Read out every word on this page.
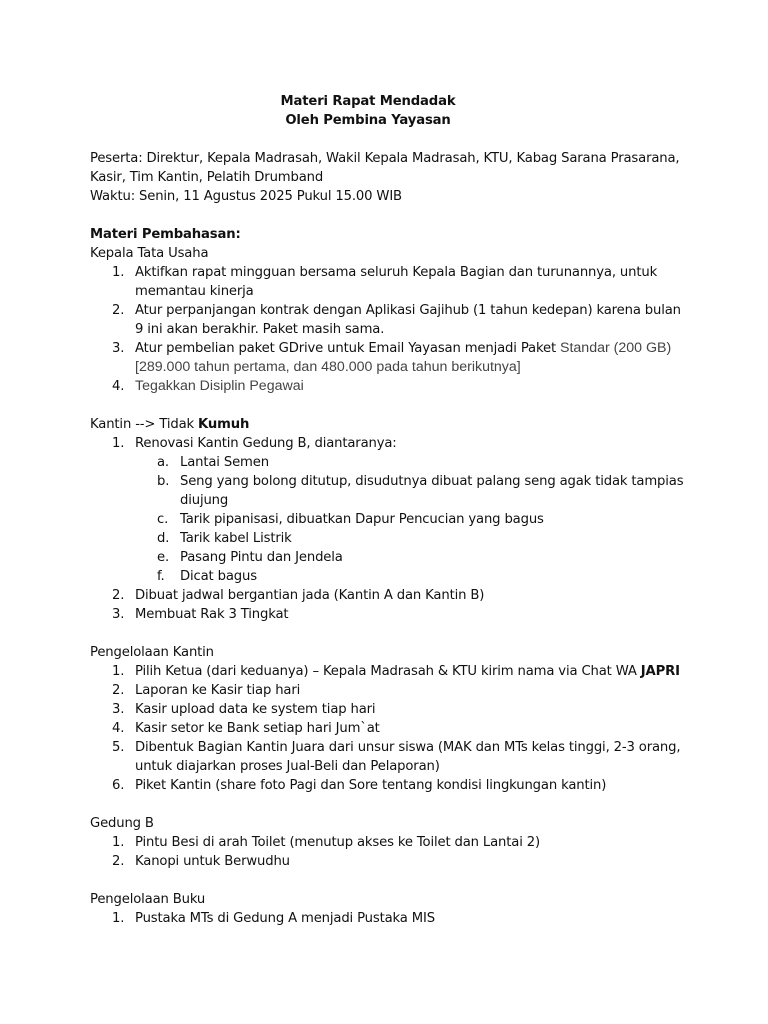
Materi Rapat Mendadak

Oleh Pembina Yayasan

Peserta: Direktur, Kepala Madrasah, Wakil Kepala Madrasah, KTU, Kabag Sarana Prasarana,

Kasir, Tim Kantin, Pelatih Drumband

Waktu: Senin, 11 Agustus 2025 Pukul 15.00 WIB

Materi Pembahasan:

Kepala Tata Usaha

1. Aktifkan rapat mingguan bersama seluruh Kepala Bagian dan turunannya, untuk memantau kinerja
2. Atur perpanjangan kontrak dengan Aplikasi Gajihub (1 tahun kedepan) karena bulan 9 ini akan berakhir. Paket masih sama.
3. Atur pembelian paket GDrive untuk Email Yayasan menjadi Paket Standar (200 GB) [289.000 tahun pertama, dan 480.000 pada tahun berikutnya]
4. Tegakkan Disiplin Pegawai

Kantin --> Tidak Kumuh

1. Renovasi Kantin Gedung B, diantaranya:
a. Lantai Semen
b. Seng yang bolong ditutup, disudutnya dibuat palang seng agak tidak tampias diujung
c. Tarik pipanisasi, dibuatkan Dapur Pencucian yang bagus
d. Tarik kabel Listrik
e. Pasang Pintu dan Jendela
f. Dicat bagus
2. Dibuat jadwal bergantian jada (Kantin A dan Kantin B)
3. Membuat Rak 3 Tingkat

Pengelolaan Kantin

1. Pilih Ketua (dari keduanya) – Kepala Madrasah & KTU kirim nama via Chat WA JAPRI
2. Laporan ke Kasir tiap hari
3. Kasir upload data ke system tiap hari
4. Kasir setor ke Bank setiap hari Jum`at
5. Dibentuk Bagian Kantin Juara dari unsur siswa (MAK dan MTs kelas tinggi, 2-3 orang, untuk diajarkan proses Jual-Beli dan Pelaporan)
6. Piket Kantin (share foto Pagi dan Sore tentang kondisi lingkungan kantin)

Gedung B

1. Pintu Besi di arah Toilet (menutup akses ke Toilet dan Lantai 2)
2. Kanopi untuk Berwudhu

Pengelolaan Buku

1. Pustaka MTs di Gedung A menjadi Pustaka MIS
